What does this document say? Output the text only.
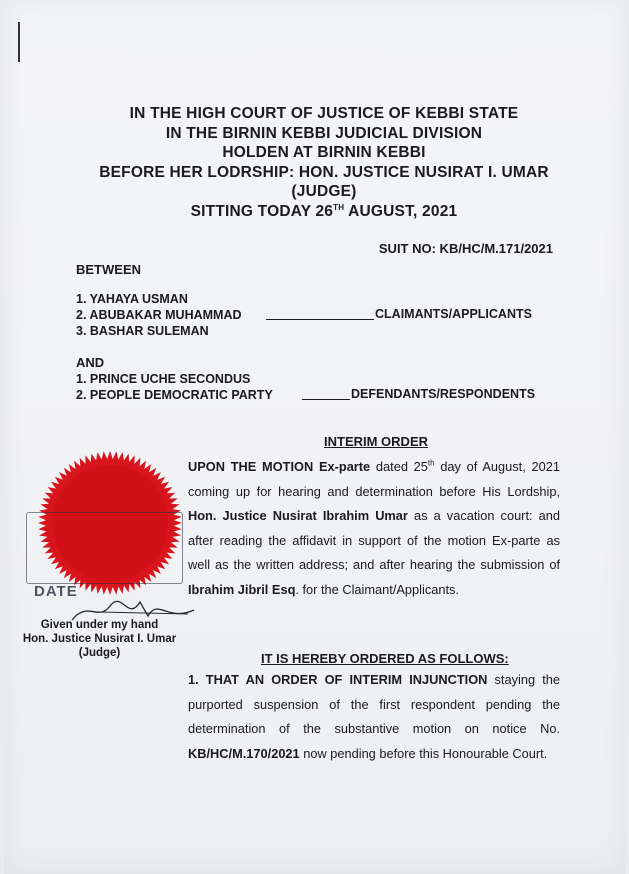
IN THE HIGH COURT OF JUSTICE OF KEBBI STATE
IN THE BIRNIN KEBBI JUDICIAL DIVISION
HOLDEN AT BIRNIN KEBBI
BEFORE HER LODRSHIP: HON. JUSTICE NUSIRAT I. UMAR
(JUDGE)
SITTING TODAY 26TH AUGUST, 2021
SUIT NO: KB/HC/M.171/2021
BETWEEN
1. YAHAYA USMAN
2. ABUBAKAR MUHAMMAD
3. BASHAR SULEMAN
CLAIMANTS/APPLICANTS
AND
1. PRINCE UCHE SECONDUS
2. PEOPLE DEMOCRATIC PARTY	DEFENDANTS/RESPONDENTS
INTERIM ORDER
UPON THE MOTION Ex-parte dated 25th day of August, 2021 coming up for hearing and determination before His Lordship, Hon. Justice Nusirat Ibrahim Umar as a vacation court: and after reading the affidavit in support of the motion Ex-parte as well as the written address; and after hearing the submission of Ibrahim Jibril Esq. for the Claimant/Applicants.
DATE
Given under my hand
Hon. Justice Nusirat I. Umar
(Judge)	IT IS HEREBY ORDERED AS FOLLOWS:
1. THAT AN ORDER OF INTERIM INJUNCTION staying the purported suspension of the first respondent pending the determination of the substantive motion on notice No. KB/HC/M.170/2021 now pending before this Honourable Court.
